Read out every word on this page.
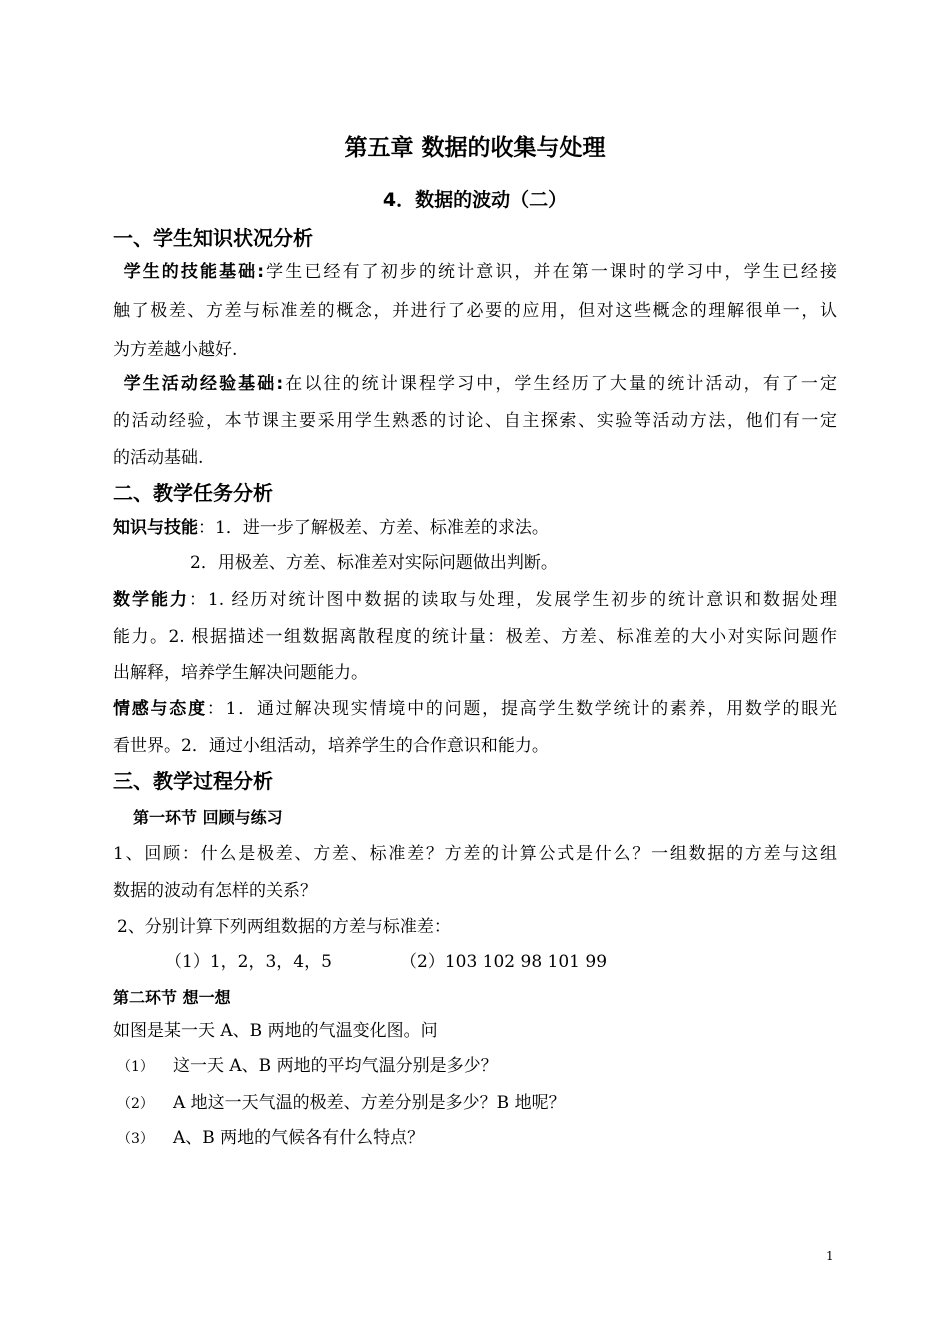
第五章 数据的收集与处理
4．数据的波动（二）
一、学生知识状况分析
 学生的技能基础:学生已经有了初步的统计意识，并在第一课时的学习中，学生已经接
触了极差、方差与标准差的概念，并进行了必要的应用，但对这些概念的理解很单一，认
为方差越小越好.
 学生活动经验基础:在以往的统计课程学习中，学生经历了大量的统计活动，有了一定
的活动经验，本节课主要采用学生熟悉的讨论、自主探索、实验等活动方法，他们有一定
的活动基础.
二、教学任务分析
知识与技能：1．进一步了解极差、方差、标准差的求法。
2．用极差、方差、标准差对实际问题做出判断。
数学能力：1. 经历对统计图中数据的读取与处理，发展学生初步的统计意识和数据处理
能力。2. 根据描述一组数据离散程度的统计量：极差、方差、标准差的大小对实际问题作
出解释，培养学生解决问题能力。
情感与态度：1．通过解决现实情境中的问题，提高学生数学统计的素养，用数学的眼光
看世界。2．通过小组活动，培养学生的合作意识和能力。
三、教学过程分析
第一环节 回顾与练习
1、回顾：什么是极差、方差、标准差？方差的计算公式是什么？一组数据的方差与这组
数据的波动有怎样的关系？
2、分别计算下列两组数据的方差与标准差：
（1）1，2，3，4，5	（2）103 102 98 101 99
第二环节 想一想
如图是某一天 A、B 两地的气温变化图。问
（1） 这一天 A、B 两地的平均气温分别是多少？
（2） A 地这一天气温的极差、方差分别是多少？B 地呢？
（3） A、B 两地的气候各有什么特点？
1
